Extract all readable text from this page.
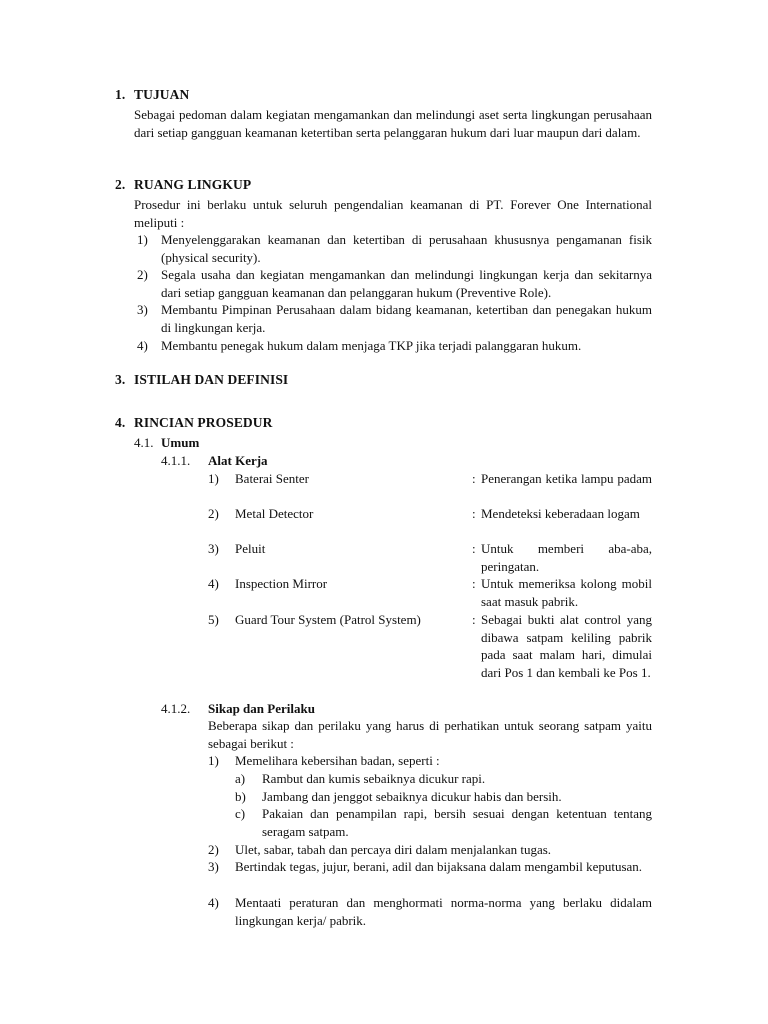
1. TUJUAN
Sebagai pedoman dalam kegiatan mengamankan dan melindungi aset serta lingkungan perusahaan dari setiap gangguan keamanan ketertiban serta pelanggaran hukum dari luar maupun dari dalam.
2. RUANG LINGKUP
Prosedur ini berlaku untuk seluruh pengendalian keamanan di PT. Forever One International meliputi :
1) Menyelenggarakan keamanan dan ketertiban di perusahaan khususnya pengamanan fisik (physical security).
2) Segala usaha dan kegiatan mengamankan dan melindungi lingkungan kerja dan sekitarnya dari setiap gangguan keamanan dan pelanggaran hukum (Preventive Role).
3) Membantu Pimpinan Perusahaan dalam bidang keamanan, ketertiban dan penegakan hukum di lingkungan kerja.
4) Membantu penegak hukum dalam menjaga TKP jika terjadi palanggaran hukum.
3. ISTILAH DAN DEFINISI
4. RINCIAN PROSEDUR
4.1. Umum
4.1.1. Alat Kerja
1) Baterai Senter	: Penerangan ketika lampu padam
2) Metal Detector	: Mendeteksi keberadaan logam
3) Peluit	: Untuk memberi aba-aba, peringatan.
4) Inspection Mirror	: Untuk memeriksa kolong mobil saat masuk pabrik.
5) Guard Tour System (Patrol System)	: Sebagai bukti alat control yang dibawa satpam keliling pabrik pada saat malam hari, dimulai dari Pos 1 dan kembali ke Pos 1.
4.1.2. Sikap dan Perilaku
Beberapa sikap dan perilaku yang harus di perhatikan untuk seorang satpam yaitu sebagai berikut :
1) Memelihara kebersihan badan, seperti :
a) Rambut dan kumis sebaiknya dicukur rapi.
b) Jambang dan jenggot sebaiknya dicukur habis dan bersih.
c) Pakaian dan penampilan rapi, bersih sesuai dengan ketentuan tentang seragam satpam.
2) Ulet, sabar, tabah dan percaya diri dalam menjalankan tugas.
3) Bertindak tegas, jujur, berani, adil dan bijaksana dalam mengambil keputusan.
4) Mentaati peraturan dan menghormati norma-norma yang berlaku didalam lingkungan kerja/ pabrik.
